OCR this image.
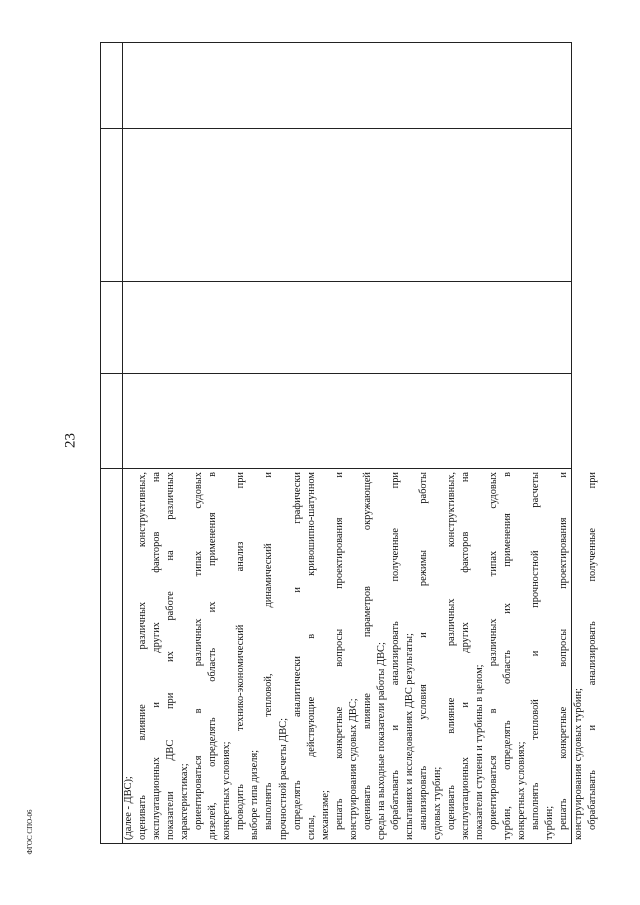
23
ФГОС СПО-06	(далее - ДВС); оценивать влияние различных конструктивных, эксплуатационных и других факторов на показатели ДВС при их работе на различных характеристиках; ориентироваться в различных типах судовых дизелей, определять область их применения в конкретных условиях; проводить технико-экономический анализ при выборе типа дизеля; выполнять тепловой, динамический и прочностной расчеты ДВС; определять аналитически и графически силы, действующие в кривошипно-шатунном механизме; решать конкретные вопросы проектирования и конструирования судовых ДВС; оценивать влияние параметров окружающей среды на выходные показатели работы ДВС; обрабатывать и анализировать полученные при испытаниях и исследованиях ДВС результаты; анализировать условия и режимы работы судовых турбин; оценивать влияние различных конструктивных, эксплуатационных и других факторов на показатели ступени и турбины в целом; ориентироваться в различных типах судовых турбин, определять область их применения в конкретных условиях; выполнять тепловой и прочностной расчеты турбин; решать конкретные вопросы проектирования и конструирования судовых турбин; обрабатывать и анализировать полученные при
